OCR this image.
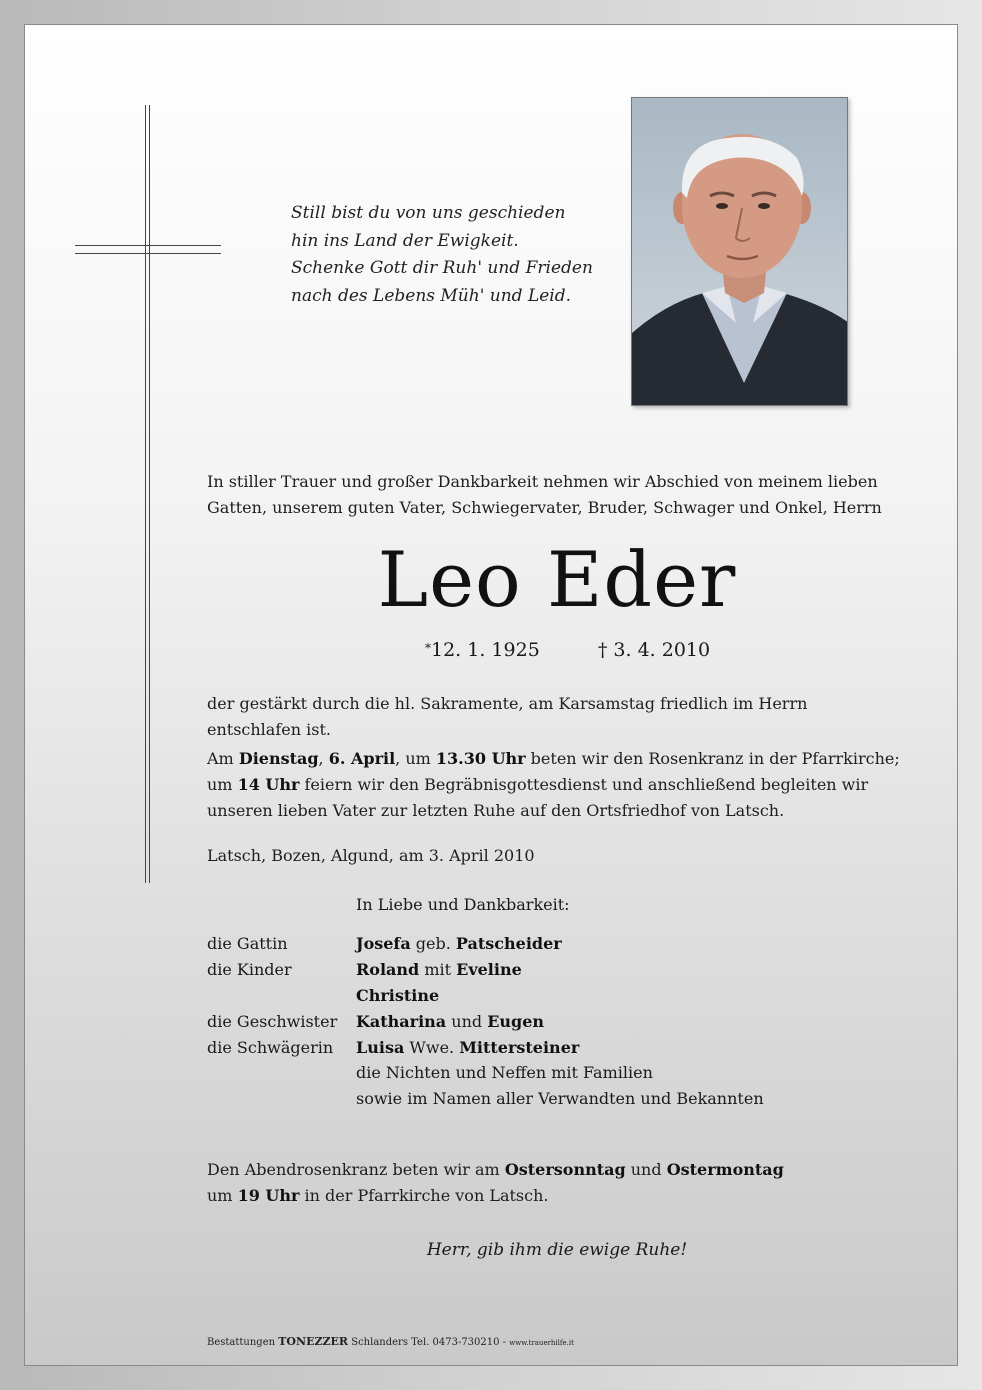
Still bist du von uns geschieden
hin ins Land der Ewigkeit.
Schenke Gott dir Ruh' und Frieden
nach des Lebens Müh' und Leid.
In stiller Trauer und großer Dankbarkeit nehmen wir Abschied von meinem lieben
Gatten, unserem guten Vater, Schwiegervater, Bruder, Schwager und Onkel, Herrn
Leo Eder
*12. 1. 1925	† 3. 4. 2010
der gestärkt durch die hl. Sakramente, am Karsamstag friedlich im Herrn
entschlafen ist.
Am Dienstag, 6. April, um 13.30 Uhr beten wir den Rosenkranz in der Pfarrkirche;
um 14 Uhr feiern wir den Begräbnisgottesdienst und anschließend begleiten wir
unseren lieben Vater zur letzten Ruhe auf den Ortsfriedhof von Latsch.
Latsch, Bozen, Algund, am 3. April 2010
In Liebe und Dankbarkeit:
die Gattin	Josefa geb. Patscheider
die Kinder	Roland mit Eveline
Christine
die Geschwister Katharina und Eugen
die Schwägerin Luisa Wwe. Mittersteiner
die Nichten und Neffen mit Familien
sowie im Namen aller Verwandten und Bekannten
Den Abendrosenkranz beten wir am Ostersonntag und Ostermontag
um 19 Uhr in der Pfarrkirche von Latsch.
Herr, gib ihm die ewige Ruhe!
Bestattungen TONEZZER Schlanders Tel. 0473-730210 - www.trauerhilfe.it
